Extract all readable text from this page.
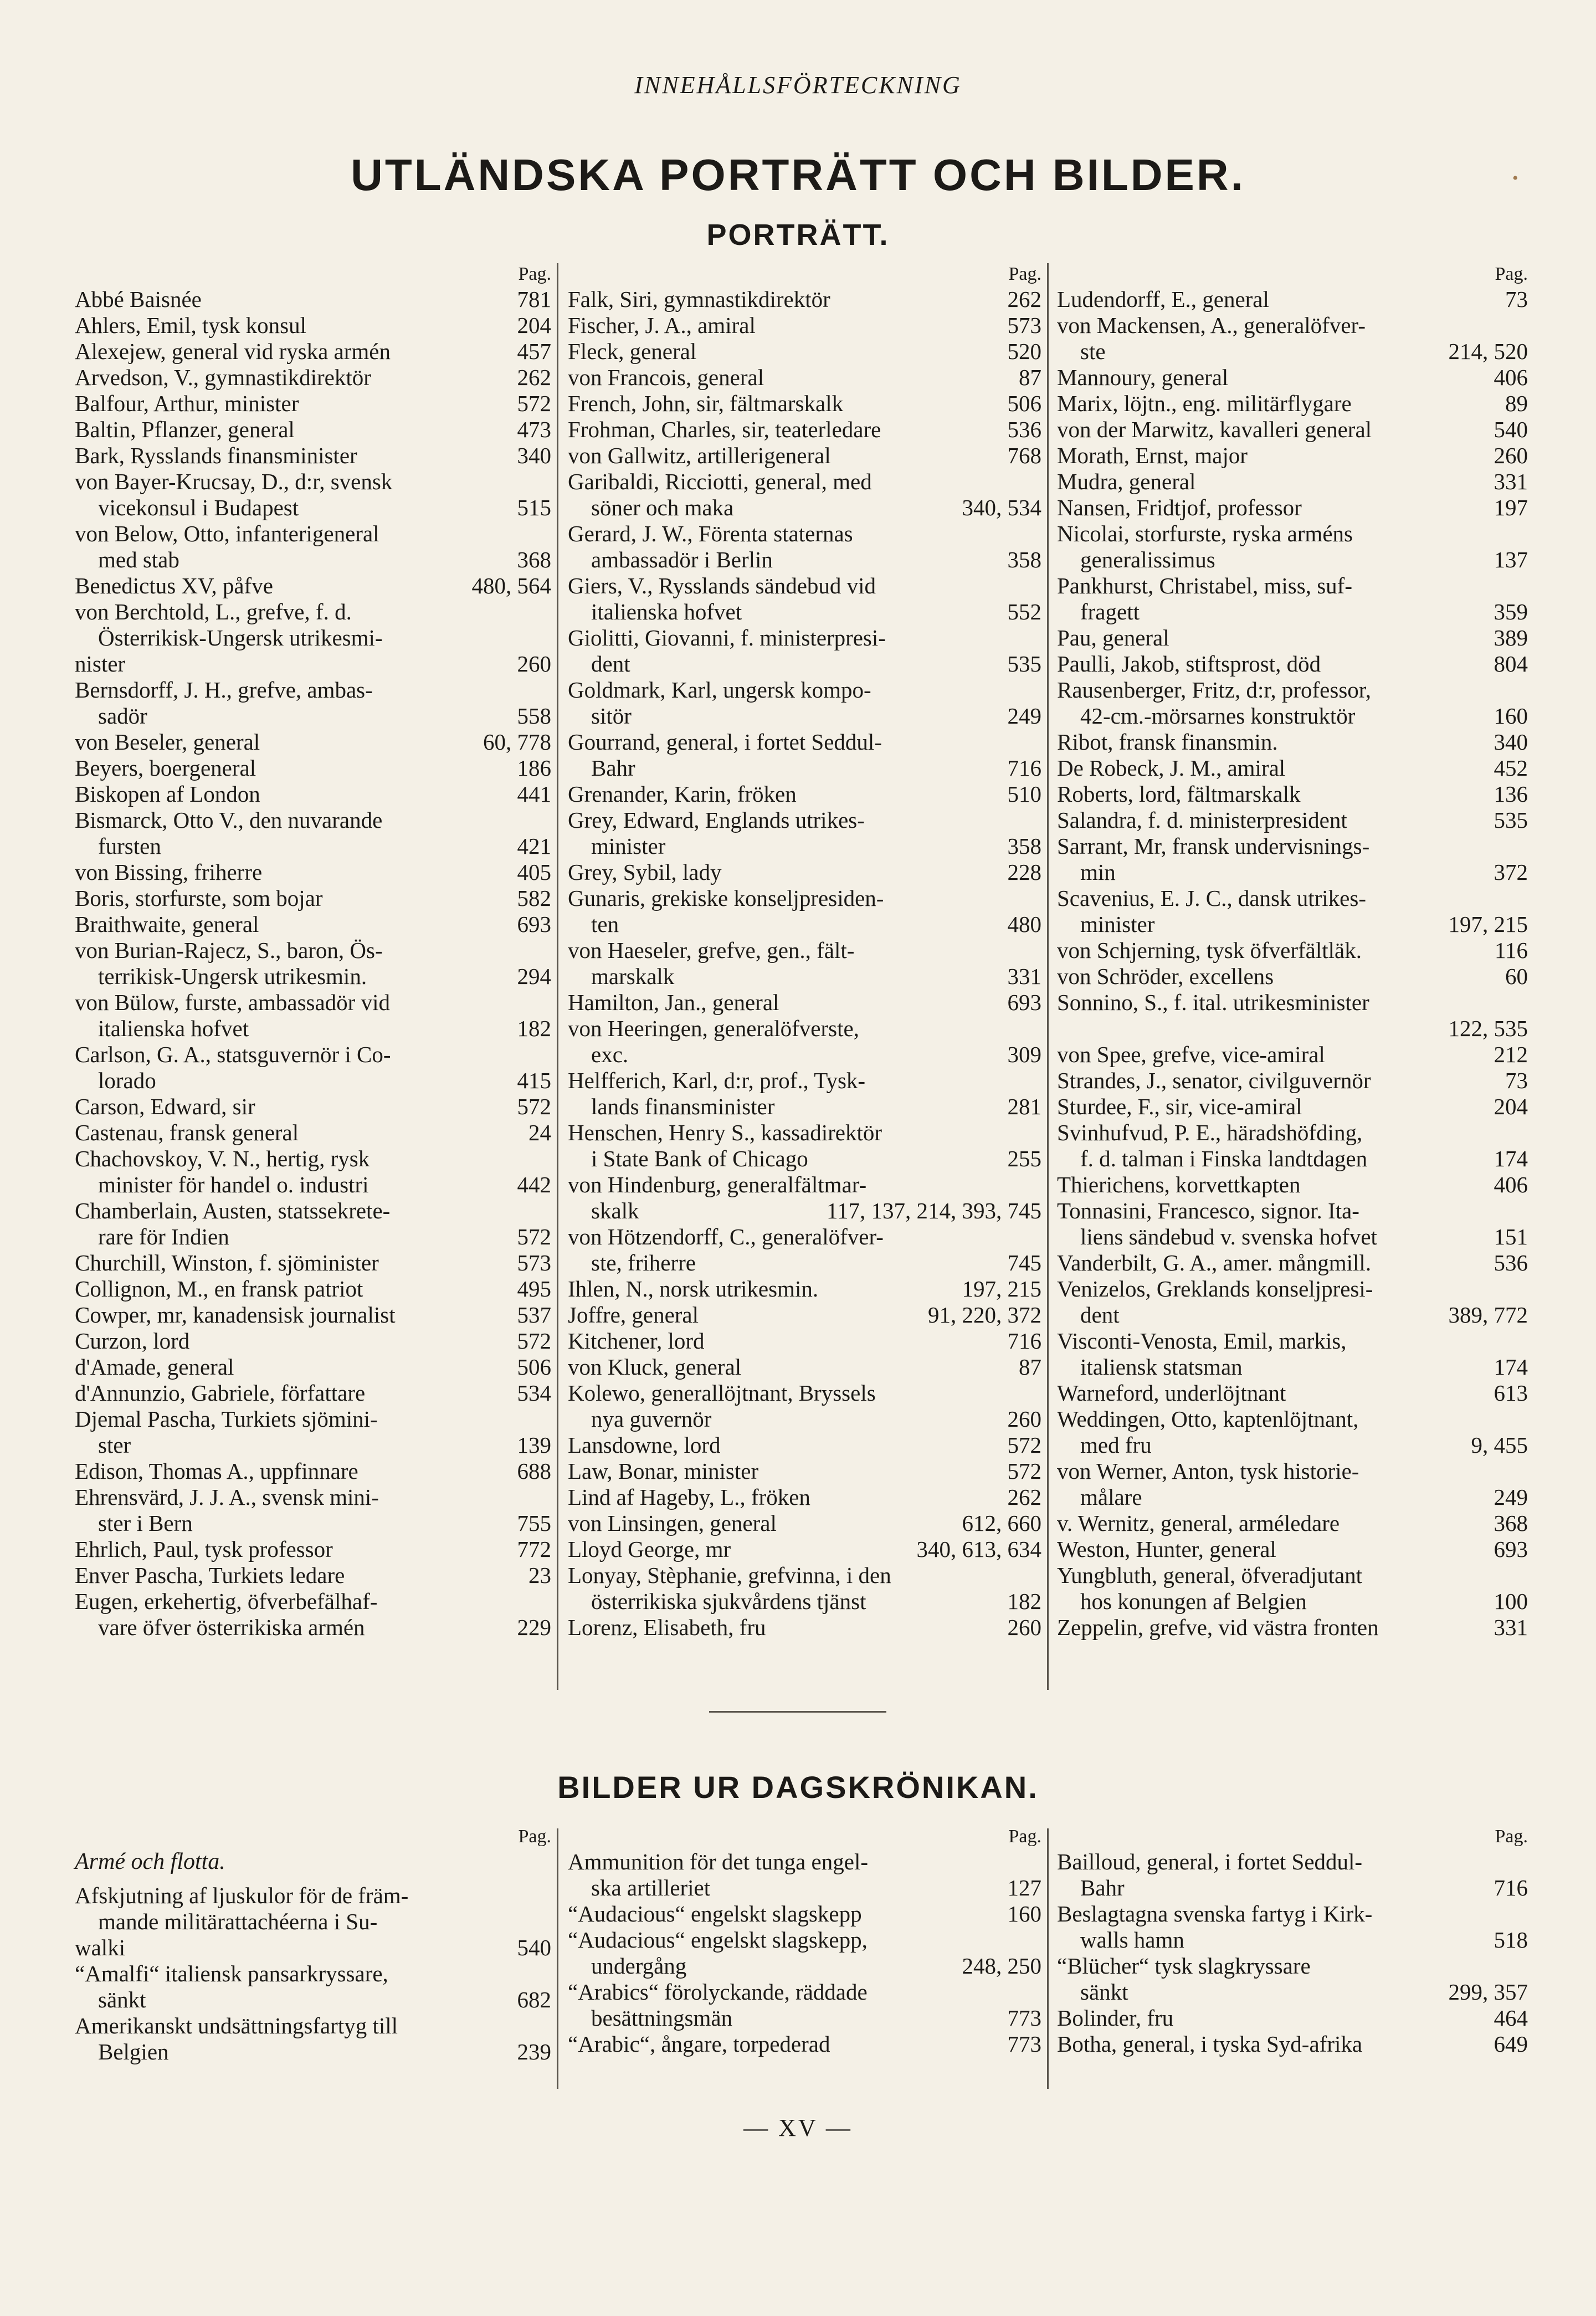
INNEHÅLLSFÖRTECKNING
UTLÄNDSKA PORTRÄTT OCH BILDER.	•
PORTRÄTT.
Pag.
Abbé Baisnée	781
Ahlers, Emil, tysk konsul	204
Alexejew, general vid ryska armén	457
Arvedson, V., gymnastikdirektör	262
Balfour, Arthur, minister	572
Baltin, Pflanzer, general	473
Bark, Rysslands finansminister	340
von Bayer-Krucsay, D., d:r, svensk
vicekonsul i Budapest	515
von Below, Otto, infanterigeneral
med stab	368
Benedictus XV, påfve	480, 564
von Berchtold, L., grefve, f. d.
Österrikisk-Ungersk utrikesmi-
nister	260
Bernsdorff, J. H., grefve, ambas-
sadör	558
von Beseler, general	60, 778
Beyers, boergeneral	186
Biskopen af London	441
Bismarck, Otto V., den nuvarande
fursten	421
von Bissing, friherre	405
Boris, storfurste, som bojar	582
Braithwaite, general	693
von Burian-Rajecz, S., baron, Ös-
terrikisk-Ungersk utrikesmin.	294
von Bülow, furste, ambassadör vid
italienska hofvet	182
Carlson, G. A., statsguvernör i Co-
lorado	415
Carson, Edward, sir	572
Castenau, fransk general	24
Chachovskoy, V. N., hertig, rysk
minister för handel o. industri	442
Chamberlain, Austen, statssekrete-
rare för Indien	572
Churchill, Winston, f. sjöminister	573
Collignon, M., en fransk patriot	495
Cowper, mr, kanadensisk journalist	537
Curzon, lord	572
d'Amade, general	506
d'Annunzio, Gabriele, författare	534
Djemal Pascha, Turkiets sjömini-
ster	139
Edison, Thomas A., uppfinnare	688
Ehrensvärd, J. J. A., svensk mini-
ster i Bern	755
Ehrlich, Paul, tysk professor	772
Enver Pascha, Turkiets ledare	23
Eugen, erkehertig, öfverbefälhaf-
vare öfver österrikiska armén	229
Pag.
Falk, Siri, gymnastikdirektör	262
Fischer, J. A., amiral	573
Fleck, general	520
von Francois, general	87
French, John, sir, fältmarskalk	506
Frohman, Charles, sir, teaterledare	536
von Gallwitz, artillerigeneral	768
Garibaldi, Ricciotti, general, med
söner och maka	340, 534
Gerard, J. W., Förenta staternas
ambassadör i Berlin	358
Giers, V., Rysslands sändebud vid
italienska hofvet	552
Giolitti, Giovanni, f. ministerpresi-
dent	535
Goldmark, Karl, ungersk kompo-
sitör	249
Gourrand, general, i fortet Seddul-
Bahr	716
Grenander, Karin, fröken	510
Grey, Edward, Englands utrikes-
minister	358
Grey, Sybil, lady	228
Gunaris, grekiske konseljpresiden-
ten	480
von Haeseler, grefve, gen., fält-
marskalk	331
Hamilton, Jan., general	693
von Heeringen, generalöfverste,
exc.	309
Helfferich, Karl, d:r, prof., Tysk-
lands finansminister	281
Henschen, Henry S., kassadirektör
i State Bank of Chicago	255
von Hindenburg, generalfältmar-
skalk	117, 137, 214, 393, 745
von Hötzendorff, C., generalöfver-
ste, friherre	745
Ihlen, N., norsk utrikesmin.	197, 215
Joffre, general	91, 220, 372
Kitchener, lord	716
von Kluck, general	87
Kolewo, generallöjtnant, Bryssels
nya guvernör	260
Lansdowne, lord	572
Law, Bonar, minister	572
Lind af Hageby, L., fröken	262
von Linsingen, general	612, 660
Lloyd George, mr	340, 613, 634
Lonyay, Stèphanie, grefvinna, i den
österrikiska sjukvårdens tjänst	182
Lorenz, Elisabeth, fru	260
Pag.
Ludendorff, E., general	73
von Mackensen, A., generalöfver-
ste	214, 520
Mannoury, general	406
Marix, löjtn., eng. militärflygare	89
von der Marwitz, kavalleri general	540
Morath, Ernst, major	260
Mudra, general	331
Nansen, Fridtjof, professor	197
Nicolai, storfurste, ryska arméns
generalissimus	137
Pankhurst, Christabel, miss, suf-
fragett	359
Pau, general	389
Paulli, Jakob, stiftsprost, död	804
Rausenberger, Fritz, d:r, professor,
42-cm.-mörsarnes konstruktör	160
Ribot, fransk finansmin.	340
De Robeck, J. M., amiral	452
Roberts, lord, fältmarskalk	136
Salandra, f. d. ministerpresident	535
Sarrant, Mr, fransk undervisnings-
min	372
Scavenius, E. J. C., dansk utrikes-
minister	197, 215
von Schjerning, tysk öfverfältläk.	116
von Schröder, excellens	60
Sonnino, S., f. ital. utrikesminister

122, 535
von Spee, grefve, vice-amiral	212
Strandes, J., senator, civilguvernör	73
Sturdee, F., sir, vice-amiral	204
Svinhufvud, P. E., häradshöfding,
f. d. talman i Finska landtdagen	174
Thierichens, korvettkapten	406
Tonnasini, Francesco, signor. Ita-
liens sändebud v. svenska hofvet	151
Vanderbilt, G. A., amer. mångmill.	536
Venizelos, Greklands konseljpresi-
dent	389, 772
Visconti-Venosta, Emil, markis,
italiensk statsman	174
Warneford, underlöjtnant	613
Weddingen, Otto, kaptenlöjtnant,
med fru	9, 455
von Werner, Anton, tysk historie-
målare	249
v. Wernitz, general, arméledare	368
Weston, Hunter, general	693
Yungbluth, general, öfveradjutant
hos konungen af Belgien	100
Zeppelin, grefve, vid västra fronten	331
BILDER UR DAGSKRÖNIKAN.
Pag.
Armé och flotta.
Afskjutning af ljuskulor för de främ-
mande militärattachéerna i Su-
walki	540
“Amalfi“ italiensk pansarkryssare,
sänkt	682
Amerikanskt undsättningsfartyg till
Belgien	239
Pag.
Ammunition för det tunga engel-
ska artilleriet	127
“Audacious“ engelskt slagskepp	160
“Audacious“ engelskt slagskepp,
undergång	248, 250
“Arabics“ förolyckande, räddade
besättningsmän	773
“Arabic“, ångare, torpederad	773
Pag.
Bailloud, general, i fortet Seddul-
Bahr	716
Beslagtagna svenska fartyg i Kirk-
walls hamn	518
“Blücher“ tysk slagkryssare
sänkt	299, 357
Bolinder, fru	464
Botha, general, i tyska Syd-afrika	649
— XV —
